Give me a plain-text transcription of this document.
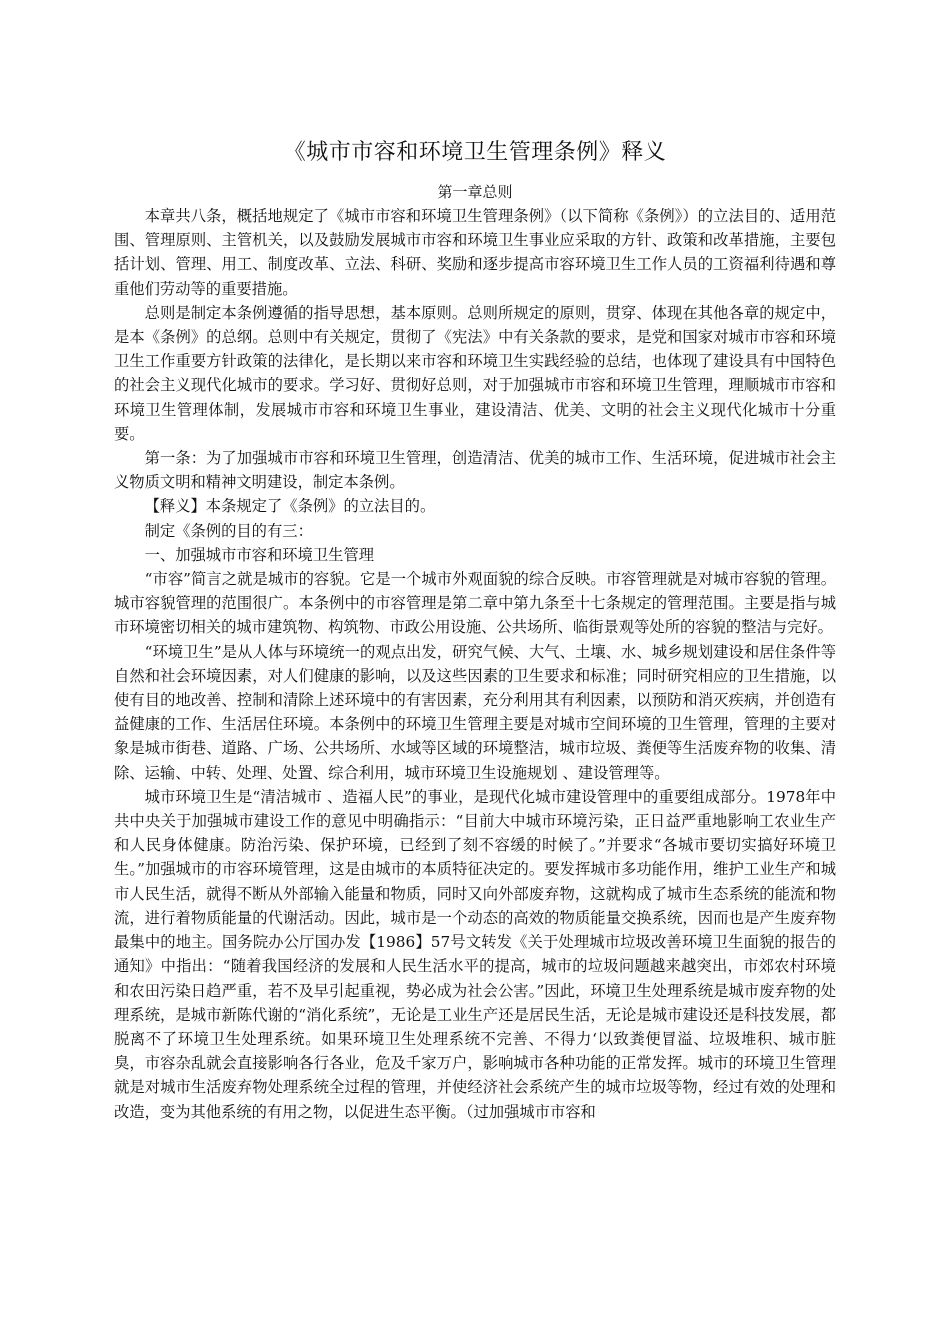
《城市市容和环境卫生管理条例》释义
第一章总则

本章共八条，概括地规定了《城市市容和环境卫生管理条例》（以下简称《条例》）的立法目的、适用范围、管理原则、主管机关，以及鼓励发展城市市容和环境卫生事业应采取的方针、政策和改革措施，主要包括计划、管理、用工、制度改革、立法、科研、奖励和逐步提高市容环境卫生工作人员的工资福利待遇和尊重他们劳动等的重要措施。

总则是制定本条例遵循的指导思想，基本原则。总则所规定的原则，贯穿、体现在其他各章的规定中，是本《条例》的总纲。总则中有关规定，贯彻了《宪法》中有关条款的要求，是党和国家对城市市容和环境卫生工作重要方针政策的法律化，是长期以来市容和环境卫生实践经验的总结，也体现了建设具有中国特色的社会主义现代化城市的要求。学习好、贯彻好总则，对于加强城市市容和环境卫生管理，理顺城市市容和环境卫生管理体制，发展城市市容和环境卫生事业，建设清洁、优美、文明的社会主义现代化城市十分重要。

第一条：为了加强城市市容和环境卫生管理，创造清洁、优美的城市工作、生活环境，促进城市社会主义物质文明和精神文明建设，制定本条例。

【释义】本条规定了《条例》的立法目的。

制定《条例的目的有三：

一、加强城市市容和环境卫生管理

“市容”简言之就是城市的容貌。它是一个城市外观面貌的综合反映。市容管理就是对城市容貌的管理。城市容貌管理的范围很广。本条例中的市容管理是第二章中第九条至十七条规定的管理范围。主要是指与城市环境密切相关的城市建筑物、构筑物、市政公用设施、公共场所、临街景观等处所的容貌的整洁与完好。

“环境卫生”是从人体与环境统一的观点出发，研究气候、大气、土壤、水、城乡规划建设和居住条件等自然和社会环境因素，对人们健康的影响，以及这些因素的卫生要求和标准；同时研究相应的卫生措施，以使有目的地改善、控制和清除上述环境中的有害因素，充分利用其有利因素，以预防和消灭疾病，并创造有益健康的工作、生活居住环境。本条例中的环境卫生管理主要是对城市空间环境的卫生管理，管理的主要对象是城市街巷、道路、广场、公共场所、水域等区域的环境整洁，城市垃圾、粪便等生活废弃物的收集、清除、运输、中转、处理、处置、综合利用，城市环境卫生设施规划 、建设管理等。

城市环境卫生是“清洁城市 、造福人民”的事业，是现代化城市建设管理中的重要组成部分。1978年中共中央关于加强城市建设工作的意见中明确指示：“目前大中城市环境污染，正日益严重地影响工农业生产和人民身体健康。防治污染、保护环境，已经到了刻不容缓的时候了。”并要求“各城市要切实搞好环境卫生。”加强城市的市容环境管理，这是由城市的本质特征决定的。要发挥城市多功能作用，维护工业生产和城市人民生活，就得不断从外部输入能量和物质，同时又向外部废弃物，这就构成了城市生态系统的能流和物流，进行着物质能量的代谢活动。因此，城市是一个动态的高效的物质能量交换系统，因而也是产生废弃物最集中的地主。国务院办公厅国办发【1986】57号文转发《关于处理城市垃圾改善环境卫生面貌的报告的通知》中指出：“随着我国经济的发展和人民生活水平的提高，城市的垃圾问题越来越突出，市郊农村环境和农田污染日趋严重，若不及早引起重视，势必成为社会公害。”因此，环境卫生处理系统是城市废弃物的处理系统，是城市新陈代谢的“消化系统”，无论是工业生产还是居民生活，无论是城市建设还是科技发展，都脱离不了环境卫生处理系统。如果环境卫生处理系统不完善、不得力‘以致粪便冒溢、垃圾堆积、城市脏臭，市容杂乱就会直接影响各行各业，危及千家万户，影响城市各种功能的正常发挥。城市的环境卫生管理就是对城市生活废弃物处理系统全过程的管理，并使经济社会系统产生的城市垃圾等物，经过有效的处理和改造，变为其他系统的有用之物，以促进生态平衡。（过加强城市市容和
